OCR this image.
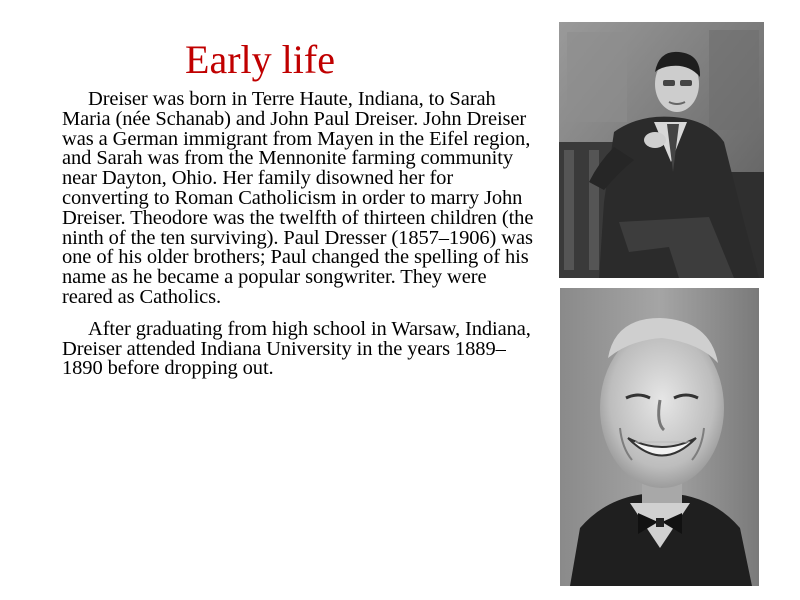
Early life

Dreiser was born in Terre Haute, Indiana, to Sarah Maria (née Schanab) and John Paul Dreiser. John Dreiser was a German immigrant from Mayen in the Eifel region, and Sarah was from the Mennonite farming community near Dayton, Ohio. Her family disowned her for converting to Roman Catholicism in order to marry John Dreiser. Theodore was the twelfth of thirteen children (the ninth of the ten surviving). Paul Dresser (1857–1906) was one of his older brothers; Paul changed the spelling of his name as he became a popular songwriter. They were reared as Catholics.

After graduating from high school in Warsaw, Indiana, Dreiser attended Indiana University in the years 1889–1890 before dropping out.
